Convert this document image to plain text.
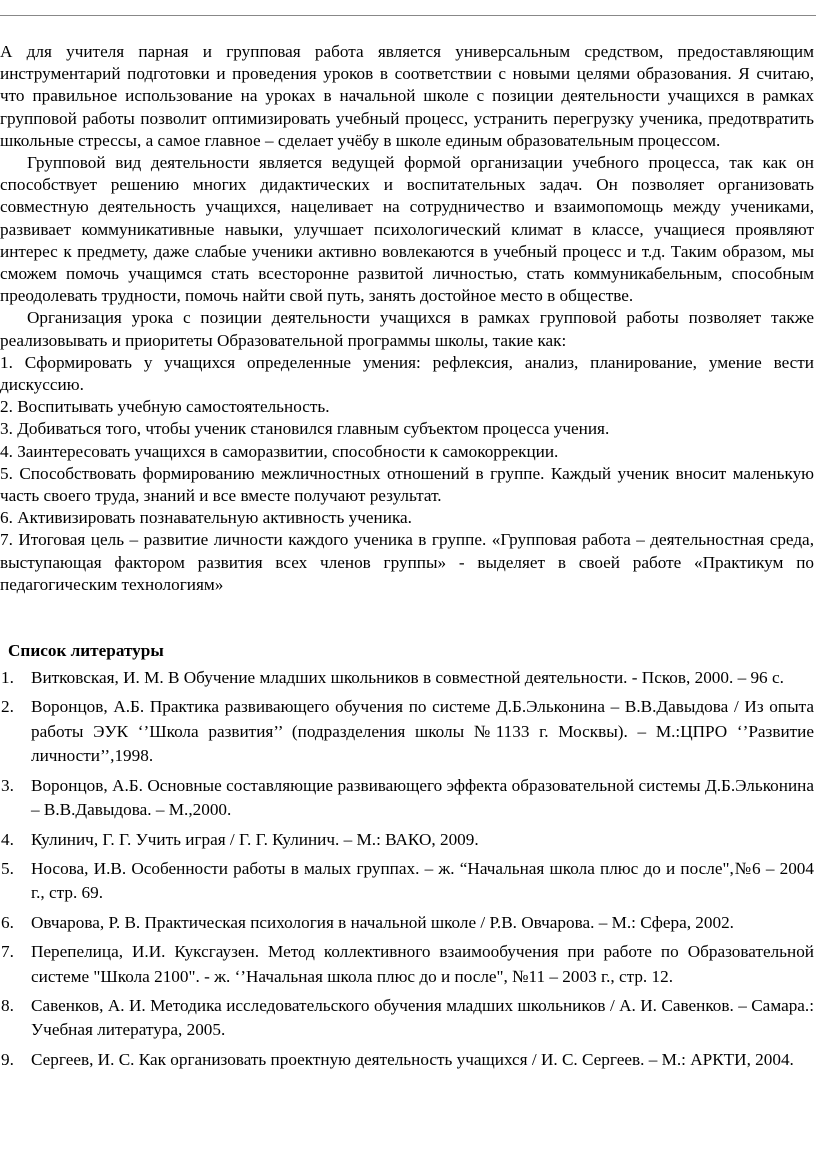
А для учителя парная и групповая работа является универсальным средством, предоставляющим инструментарий подготовки и проведения уроков в соответствии с новыми целями образования. Я считаю, что правильное использование на уроках в начальной школе с позиции деятельности учащихся в рамках групповой работы позволит оптимизировать учебный процесс, устранить перегрузку ученика, предотвратить школьные стрессы, а самое главное – сделает учёбу в школе единым образовательным процессом.

Групповой вид деятельности является ведущей формой организации учебного процесса, так как он способствует решению многих дидактических и воспитательных задач. Он позволяет организовать совместную деятельность учащихся, нацеливает на сотрудничество и взаимопомощь между учениками, развивает коммуникативные навыки, улучшает психологический климат в классе, учащиеся проявляют интерес к предмету, даже слабые ученики активно вовлекаются в учебный процесс и т.д. Таким образом, мы сможем помочь учащимся стать всесторонне развитой личностью, стать коммуникабельным, способным преодолевать трудности, помочь найти свой путь, занять достойное место в обществе.

Организация урока с позиции деятельности учащихся в рамках групповой работы позволяет также реализовывать и приоритеты Образовательной программы школы, такие как:

1. Сформировать у учащихся определенные умения: рефлексия, анализ, планирование, умение вести дискуссию.

2. Воспитывать учебную самостоятельность.

3. Добиваться того, чтобы ученик становился главным субъектом процесса учения.

4. Заинтересовать учащихся в саморазвитии, способности к самокоррекции.

5. Способствовать формированию межличностных отношений в группе. Каждый ученик вносит маленькую часть своего труда, знаний и все вместе получают результат.

6. Активизировать познавательную активность ученика.

7. Итоговая цель – развитие личности каждого ученика в группе. «Групповая работа – деятельностная среда, выступающая фактором развития всех членов группы» - выделяет в своей работе «Практикум по педагогическим технологиям»

Список литературы

1. Витковская, И. М. В Обучение младших школьников в совместной деятельности. - Псков, 2000. – 96 с.
2. Воронцов, А.Б. Практика развивающего обучения по системе Д.Б.Эльконина – В.В.Давыдова / Из опыта работы ЭУК ‘’Школа развития’’ (подразделения школы №1133 г. Москвы). – М.:ЦПРО ‘’Развитие личности’’,1998.
3. Воронцов, А.Б. Основные составляющие развивающего эффекта образовательной системы Д.Б.Эльконина – В.В.Давыдова. – М.,2000.
4. Кулинич, Г. Г. Учить играя / Г. Г. Кулинич. – М.: ВАКО, 2009.
5. Носова, И.В. Особенности работы в малых группах. – ж. “Начальная школа плюс до и после",№6 – 2004 г., стр. 69.
6. Овчарова, Р. В. Практическая психология в начальной школе / Р.В. Овчарова. – М.: Сфера, 2002.
7. Перепелица, И.И. Куксгаузен. Метод коллективного взаимообучения при работе по Образовательной системе "Школа 2100". - ж. ‘’Начальная школа плюс до и после", №11 – 2003 г., стр. 12.
8. Савенков, А. И. Методика исследовательского обучения младших школьников / А. И. Савенков. – Самара.: Учебная литература, 2005.
9. Сергеев, И. С. Как организовать проектную деятельность учащихся / И. С. Сергеев. – М.: АРКТИ, 2004.
